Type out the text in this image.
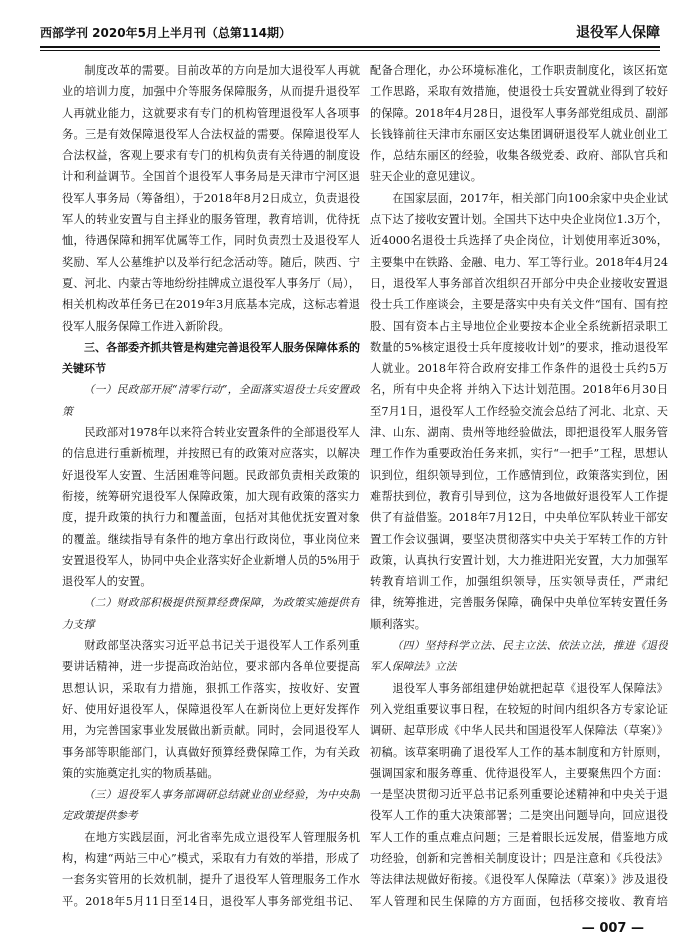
西部学刊 2020年5月上半月刊（总第114期）	退役军人保障

制度改革的需要。目前改革的方向是加大退役军人再就业的培训力度，加强中介等服务保障服务，从而提升退役军人再就业能力，这就要求有专门的机构管理退役军人各项事务。三是有效保障退役军人合法权益的需要。保障退役军人合法权益，客观上要求有专门的机构负责有关待遇的制度设计和利益调节。全国首个退役军人事务局是天津市宁河区退役军人事务局（筹备组），于2018年8月2日成立，负责退役军人的转业安置与自主择业的服务管理，教育培训，优待抚恤，待遇保障和拥军优属等工作，同时负责烈士及退役军人奖励、军人公墓维护以及举行纪念活动等。随后，陕西、宁夏、河北、内蒙古等地纷纷挂牌成立退役军人事务厅（局），相关机构改革任务已在2019年3月底基本完成，这标志着退役军人服务保障工作进入新阶段。

三、各部委齐抓共管是构建完善退役军人服务保障体系的关键环节

（一）民政部开展“清零行动”，全面落实退役士兵安置政策

民政部对1978年以来符合转业安置条件的全部退役军人的信息进行重新梳理，并按照已有的政策对应落实，以解决好退役军人安置、生活困难等问题。民政部负责相关政策的衔接，统筹研究退役军人保障政策，加大现有政策的落实力度，提升政策的执行力和覆盖面，包括对其他优抚安置对象的覆盖。继续指导有条件的地方拿出行政岗位，事业岗位来安置退役军人，协同中央企业落实好企业新增人员的5%用于退役军人的安置。

（二）财政部积极提供预算经费保障，为政策实施提供有力支撑

财政部坚决落实习近平总书记关于退役军人工作系列重要讲话精神，进一步提高政治站位，要求部内各单位要提高思想认识，采取有力措施，狠抓工作落实，按收好、安置好、使用好退役军人，保障退役军人在新岗位上更好发挥作用，为完善国家事业发展做出新贡献。同时，会同退役军人事务部等职能部门，认真做好预算经费保障工作，为有关政策的实施奠定扎实的物质基础。

（三）退役军人事务部调研总结就业创业经验，为中央制定政策提供参考

在地方实践层面，河北省率先成立退役军人管理服务机构，构建“两站三中心”模式，采取有力有效的举措，形成了一套务实管用的长效机制，提升了退役军人管理服务工作水平。2018年5月11日至14日，退役军人事务部党组书记、

配备合理化，办公环境标准化，工作职责制度化，该区拓宽工作思路，采取有效措施，使退役士兵安置就业得到了较好的保障。2018年4月28日，退役军人事务部党组成员、副部长钱锋前往天津市东丽区安达集团调研退役军人就业创业工作，总结东丽区的经验，收集各级党委、政府、部队官兵和驻天企业的意见建议。

在国家层面，2017年，相关部门向100余家中央企业试点下达了接收安置计划。全国共下达中央企业岗位1.3万个，近4000名退役士兵选择了央企岗位，计划使用率近30%，主要集中在铁路、金融、电力、军工等行业。2018年4月24日，退役军人事务部首次组织召开部分中央企业接收安置退役士兵工作座谈会，主要是落实中央有关文件“国有、国有控股、国有资本占主导地位企业要按本企业全系统新招录职工数量的5%核定退役士兵年度接收计划”的要求，推动退役军人就业。2018年符合政府安排工作条件的退役士兵约5万名，所有中央企将 并纳入下达计划范围。2018年6月30日至7月1日，退役军人工作经验交流会总结了河北、北京、天津、山东、湖南、贵州等地经验做法，即把退役军人服务管理工作作为重要政治任务来抓，实行“一把手”工程，思想认识到位，组织领导到位，工作感情到位，政策落实到位，困难帮扶到位，教育引导到位，这为各地做好退役军人工作提供了有益借鉴。2018年7月12日，中央单位军队转业干部安置工作会议强调，要坚决贯彻落实中央关于军转工作的方针政策，认真执行安置计划，大力推进阳光安置，大力加强军转教育培训工作，加强组织领导，压实领导责任，严肃纪律，统筹推进，完善服务保障，确保中央单位军转安置任务顺利落实。

（四）坚持科学立法、民主立法、依法立法，推进《退役军人保障法》立法

退役军人事务部组建伊始就把起草《退役军人保障法》列入党组重要议事日程，在较短的时间内组织各方专家论证调研、起草形成《中华人民共和国退役军人保障法（草案）》初稿。该草案明确了退役军人工作的基本制度和方针原则，强调国家和服务尊重、优待退役军人，主要聚焦四个方面：一是坚决贯彻习近平总书记系列重要论述精神和中央关于退役军人工作的重大决策部署；二是突出问题导向，回应退役军人工作的重点难点问题；三是着眼长远发展，借鉴地方成功经验，创新和完善相关制度设计；四是注意和《兵役法》等法律法规做好衔接。《退役军人保障法（草案）》涉及退役军人管理和民生保障的方方面面，包括移交接收、教育培

— 007 —
